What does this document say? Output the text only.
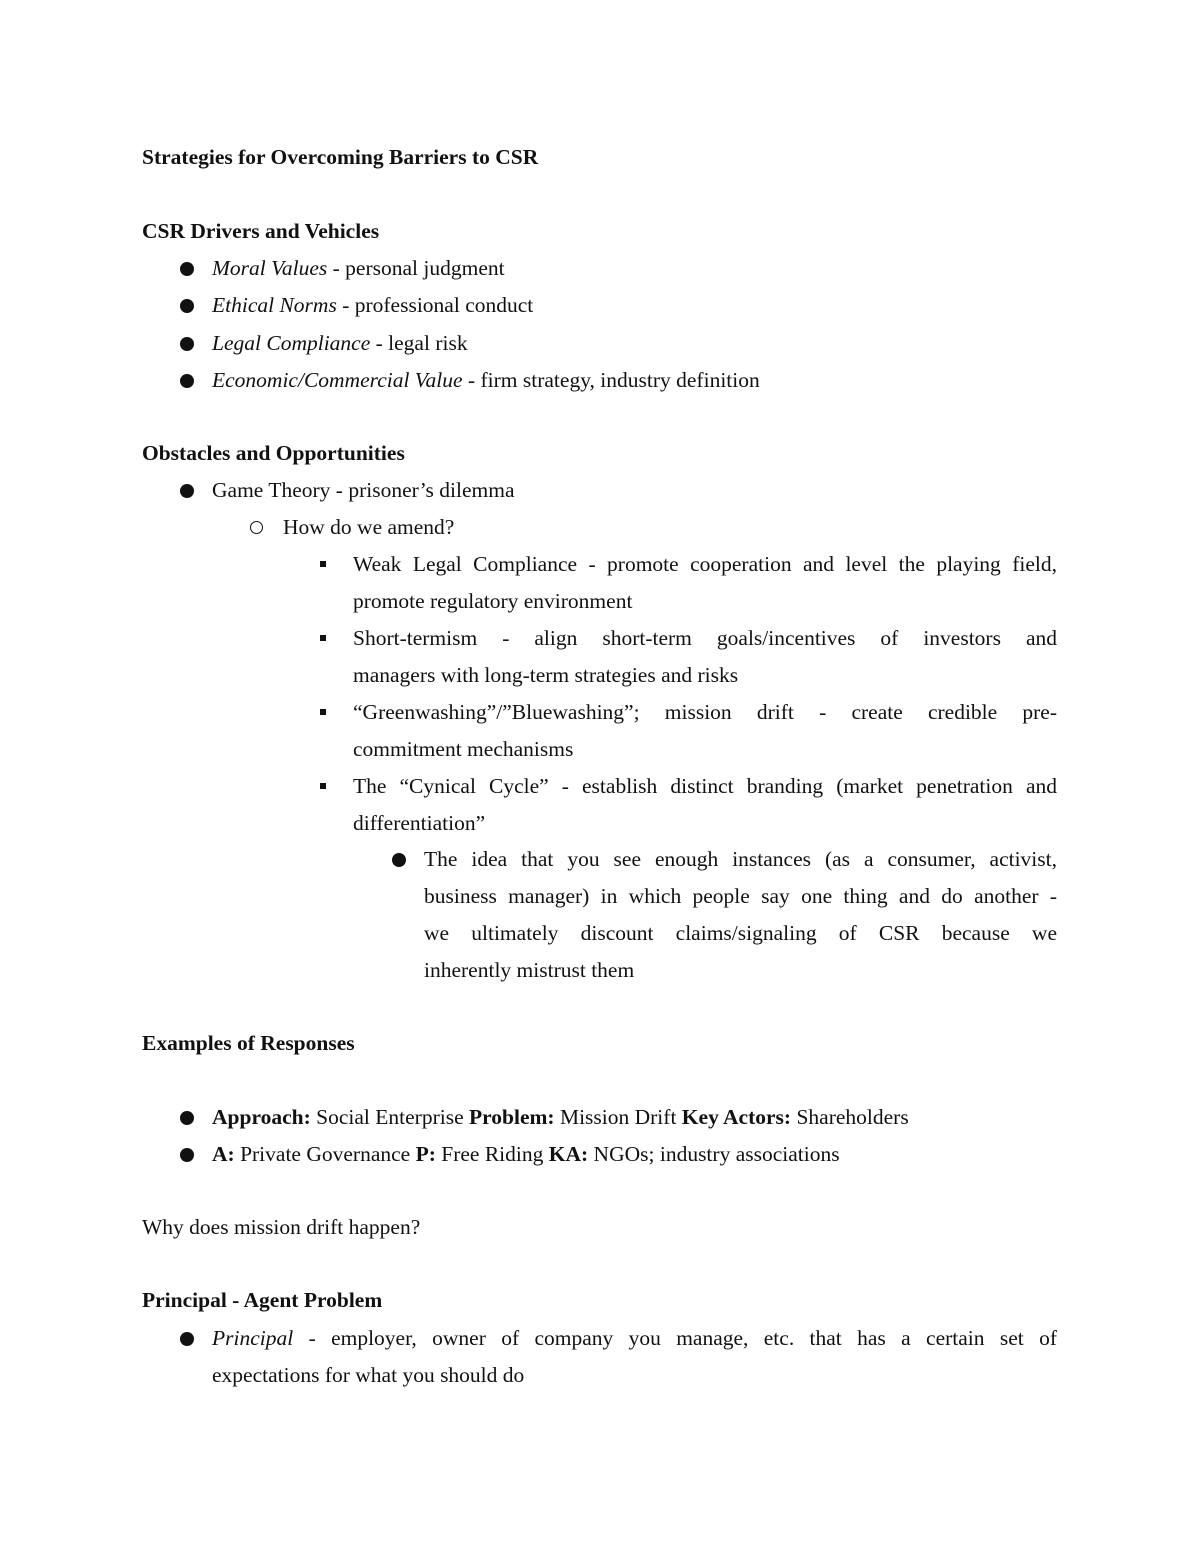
Strategies for Overcoming Barriers to CSR
CSR Drivers and Vehicles
Moral Values - personal judgment
Ethical Norms - professional conduct
Legal Compliance - legal risk
Economic/Commercial Value - firm strategy, industry definition
Obstacles and Opportunities
Game Theory - prisoner’s dilemma
How do we amend?
Weak Legal Compliance - promote cooperation and level the playing field,
promote regulatory environment
Short-termism - align short-term goals/incentives of investors and
managers with long-term strategies and risks
“Greenwashing”/”Bluewashing”; mission drift - create credible pre-
commitment mechanisms
The “Cynical Cycle” - establish distinct branding (market penetration and
differentiation”
The idea that you see enough instances (as a consumer, activist,
business manager) in which people say one thing and do another -
we ultimately discount claims/signaling of CSR because we
inherently mistrust them
Examples of Responses
Approach: Social Enterprise Problem: Mission Drift Key Actors: Shareholders
A: Private Governance P: Free Riding KA: NGOs; industry associations
Why does mission drift happen?
Principal - Agent Problem
Principal - employer, owner of company you manage, etc. that has a certain set of
expectations for what you should do
